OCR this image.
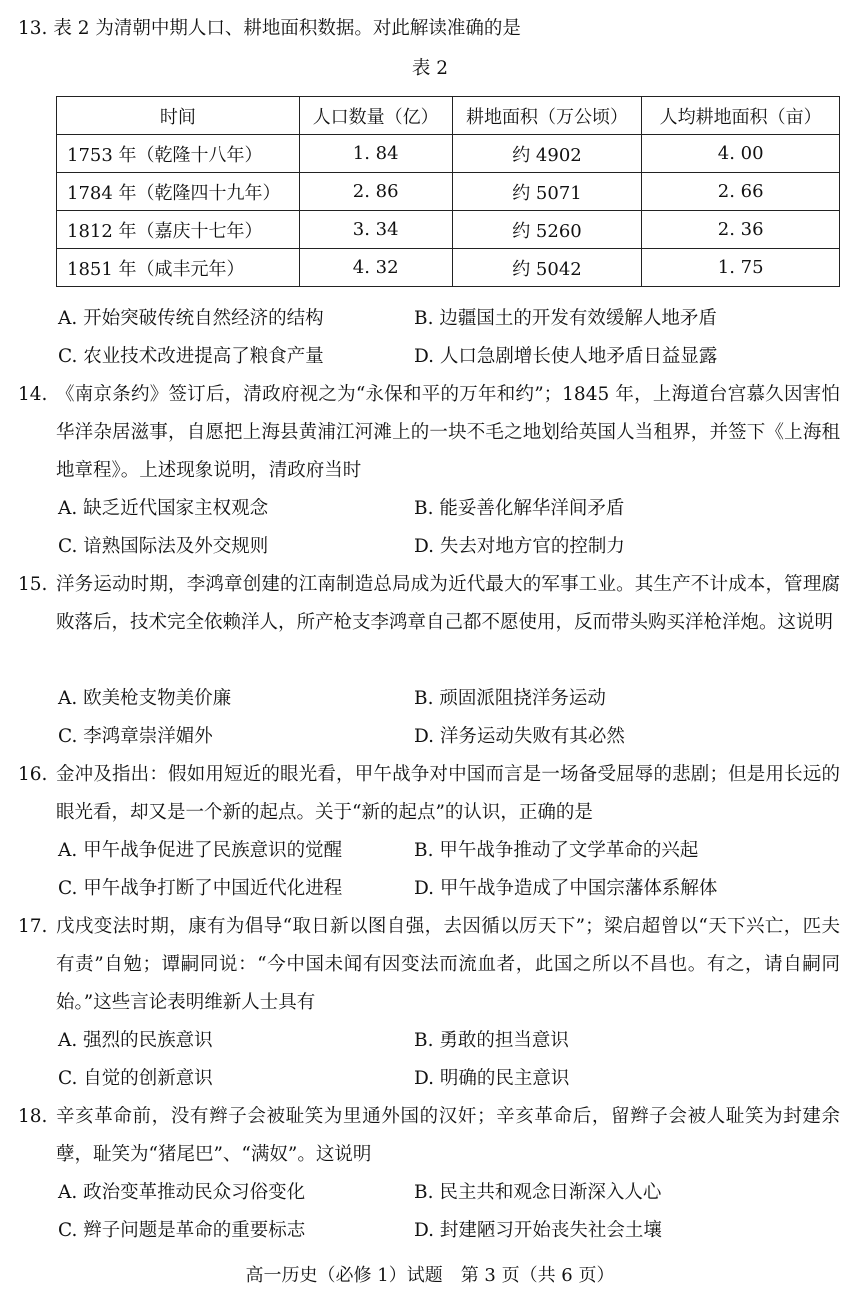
13. 表 2 为清朝中期人口、耕地面积数据。对此解读准确的是
表 2
时间	人口数量（亿）	耕地面积（万公顷）	人均耕地面积（亩）
1753 年（乾隆十八年）	1. 84	约 4902	4. 00
1784 年（乾隆四十九年）	2. 86	约 5071	2. 66
1812 年（嘉庆十七年）	3. 34	约 5260	2. 36
1851 年（咸丰元年）	4. 32	约 5042	1. 75
A. 开始突破传统自然经济的结构	B. 边疆国土的开发有效缓解人地矛盾
C. 农业技术改进提高了粮食产量	D. 人口急剧增长使人地矛盾日益显露
14. 《南京条约》签订后，清政府视之为“永保和平的万年和约”；1845 年，上海道台宫慕久因害怕华洋杂居滋事，自愿把上海县黄浦江河滩上的一块不毛之地划给英国人当租界，并签下《上海租地章程》。上述现象说明，清政府当时
A. 缺乏近代国家主权观念	B. 能妥善化解华洋间矛盾
C. 谙熟国际法及外交规则	D. 失去对地方官的控制力
15. 洋务运动时期，李鸿章创建的江南制造总局成为近代最大的军事工业。其生产不计成本，管理腐败落后，技术完全依赖洋人，所产枪支李鸿章自己都不愿使用，反而带头购买洋枪洋炮。这说明
A. 欧美枪支物美价廉	B. 顽固派阻挠洋务运动
C. 李鸿章崇洋媚外	D. 洋务运动失败有其必然
16. 金冲及指出：假如用短近的眼光看，甲午战争对中国而言是一场备受屈辱的悲剧；但是用长远的眼光看，却又是一个新的起点。关于“新的起点”的认识，正确的是
A. 甲午战争促进了民族意识的觉醒	B. 甲午战争推动了文学革命的兴起
C. 甲午战争打断了中国近代化进程	D. 甲午战争造成了中国宗藩体系解体
17. 戊戌变法时期，康有为倡导“取日新以图自强，去因循以厉天下”；梁启超曾以“天下兴亡，匹夫有责”自勉；谭嗣同说：“今中国未闻有因变法而流血者，此国之所以不昌也。有之，请自嗣同始。”这些言论表明维新人士具有
A. 强烈的民族意识	B. 勇敢的担当意识
C. 自觉的创新意识	D. 明确的民主意识
18. 辛亥革命前，没有辫子会被耻笑为里通外国的汉奸；辛亥革命后，留辫子会被人耻笑为封建余孽，耻笑为“猪尾巴”、“满奴”。这说明
A. 政治变革推动民众习俗变化	B. 民主共和观念日渐深入人心
C. 辫子问题是革命的重要标志	D. 封建陋习开始丧失社会土壤
高一历史（必修 1）试题　第 3 页（共 6 页）
